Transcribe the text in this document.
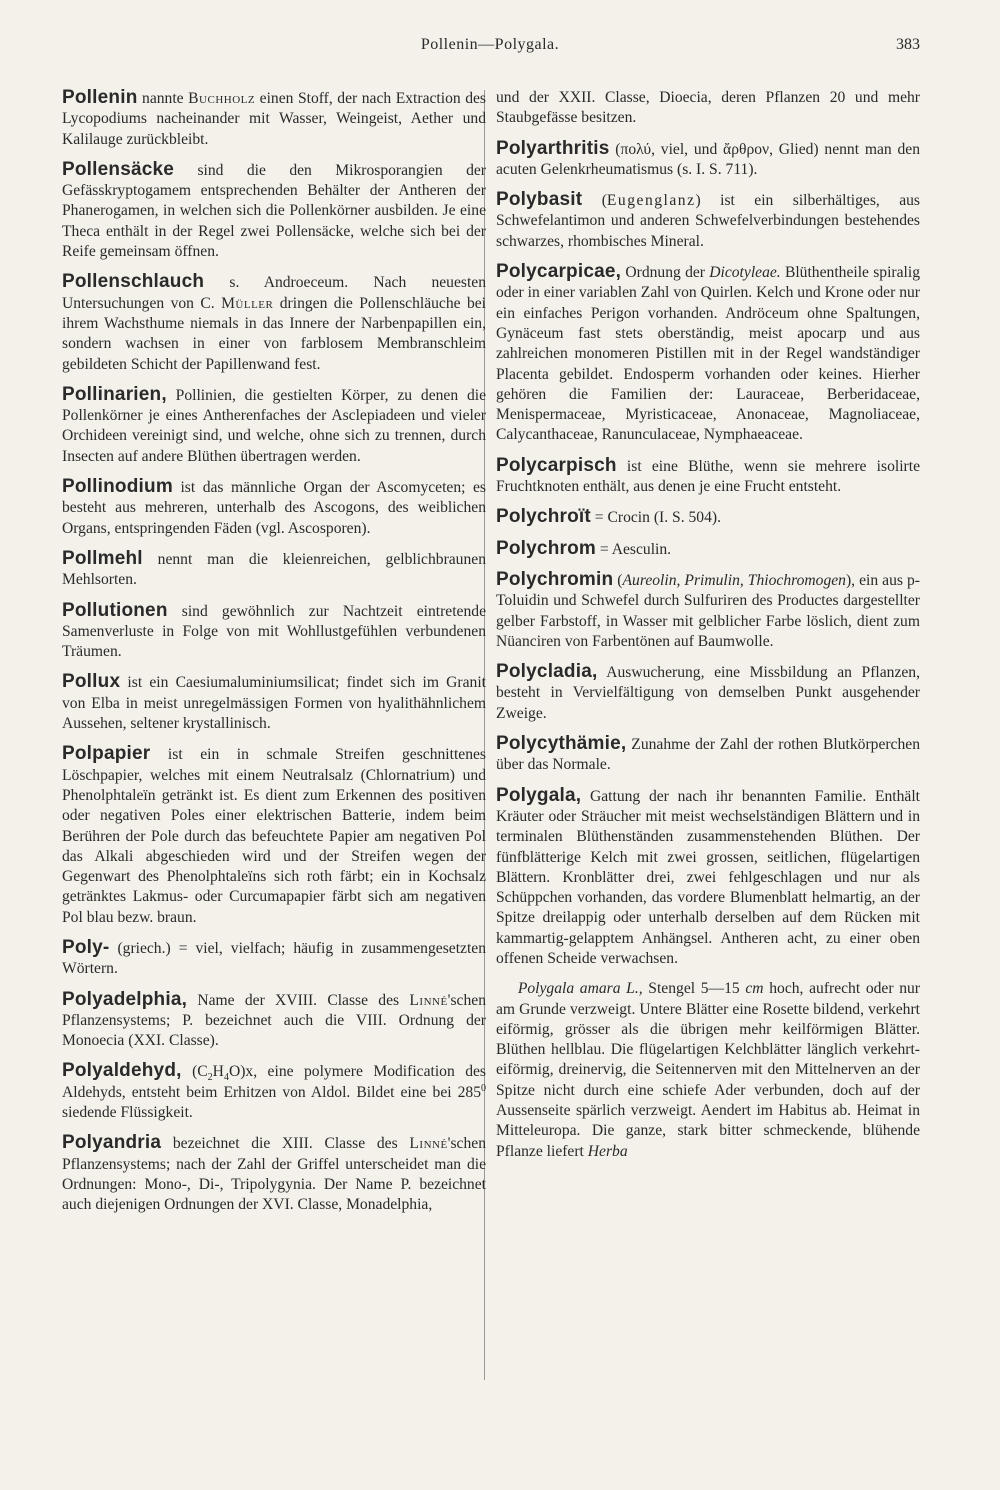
Pollenin—Polygala.	383

Pollenin nannte Buchholz einen Stoff, der nach Extraction des Lycopodiums nacheinander mit Wasser, Weingeist, Aether und Kalilauge zurückbleibt.

Pollensäcke sind die den Mikrosporangien der Gefässkryptogamem entsprechenden Behälter der Antheren der Phanerogamen, in welchen sich die Pollenkörner ausbilden. Je eine Theca enthält in der Regel zwei Pollensäcke, welche sich bei der Reife gemeinsam öffnen.

Pollenschlauch s. Androeceum. Nach neuesten Untersuchungen von C. Müller dringen die Pollenschläuche bei ihrem Wachsthume niemals in das Innere der Narbenpapillen ein, sondern wachsen in einer von farblosem Membranschleim gebildeten Schicht der Papillenwand fest.

Pollinarien, Pollinien, die gestielten Körper, zu denen die Pollenkörner je eines Antherenfaches der Asclepiadeen und vieler Orchideen vereinigt sind, und welche, ohne sich zu trennen, durch Insecten auf andere Blüthen übertragen werden.

Pollinodium ist das männliche Organ der Ascomyceten; es besteht aus mehreren, unterhalb des Ascogons, des weiblichen Organs, entspringenden Fäden (vgl. Ascosporen).

Pollmehl nennt man die kleienreichen, gelblichbraunen Mehlsorten.

Pollutionen sind gewöhnlich zur Nachtzeit eintretende Samenverluste in Folge von mit Wohllustgefühlen verbundenen Träumen.

Pollux ist ein Caesiumaluminiumsilicat; findet sich im Granit von Elba in meist unregelmässigen Formen von hyalithähnlichem Aussehen, seltener krystallinisch.

Polpapier ist ein in schmale Streifen geschnittenes Löschpapier, welches mit einem Neutralsalz (Chlornatrium) und Phenolphtaleïn getränkt ist. Es dient zum Erkennen des positiven oder negativen Poles einer elektrischen Batterie, indem beim Berühren der Pole durch das befeuchtete Papier am negativen Pol das Alkali abgeschieden wird und der Streifen wegen der Gegenwart des Phenolphtaleïns sich roth färbt; ein in Kochsalz getränktes Lakmus- oder Curcumapapier färbt sich am negativen Pol blau bezw. braun.

Poly- (griech.) = viel, vielfach; häufig in zusammengesetzten Wörtern.

Polyadelphia, Name der XVIII. Classe des Linné'schen Pflanzensystems; P. bezeichnet auch die VIII. Ordnung der Monoecia (XXI. Classe).

Polyaldehyd, $(C_2H_4O)x$, eine polymere Modification des Aldehyds, entsteht beim Erhitzen von Aldol. Bildet eine bei $285^0$ siedende Flüssigkeit.

Polyandria bezeichnet die XIII. Classe des Linné'schen Pflanzensystems; nach der Zahl der Griffel unterscheidet man die Ordnungen: Mono-, Di-, Tripolygynia. Der Name P. bezeichnet auch diejenigen Ordnungen der XVI. Classe, Monadelphia,

und der XXII. Classe, Dioecia, deren Pflanzen 20 und mehr Staubgefässe besitzen.

Polyarthritis (πολύ, viel, und ἄρθρον, Glied) nennt man den acuten Gelenkrheumatismus (s. I. S. 711).

Polybasit (Eugenglanz) ist ein silberhältiges, aus Schwefelantimon und anderen Schwefelverbindungen bestehendes schwarzes, rhombisches Mineral.

Polycarpicae, Ordnung der Dicotyleae. Blüthentheile spiralig oder in einer variablen Zahl von Quirlen. Kelch und Krone oder nur ein einfaches Perigon vorhanden. Andröceum ohne Spaltungen, Gynäceum fast stets oberständig, meist apocarp und aus zahlreichen monomeren Pistillen mit in der Regel wandständiger Placenta gebildet. Endosperm vorhanden oder keines. Hierher gehören die Familien der: Lauraceae, Berberidaceae, Menispermaceae, Myristicaceae, Anonaceae, Magnoliaceae, Calycanthaceae, Ranunculaceae, Nymphaeaceae.

Polycarpisch ist eine Blüthe, wenn sie mehrere isolirte Fruchtknoten enthält, aus denen je eine Frucht entsteht.

Polychroït = Crocin (I. S. 504).

Polychrom = Aesculin.

Polychromin (Aureolin, Primulin, Thiochromogen), ein aus p-Toluidin und Schwefel durch Sulfuriren des Productes dargestellter gelber Farbstoff, in Wasser mit gelblicher Farbe löslich, dient zum Nüanciren von Farbentönen auf Baumwolle.

Polycladia, Auswucherung, eine Missbildung an Pflanzen, besteht in Vervielfältigung von demselben Punkt ausgehender Zweige.

Polycythämie, Zunahme der Zahl der rothen Blutkörperchen über das Normale.

Polygala, Gattung der nach ihr benannten Familie. Enthält Kräuter oder Sträucher mit meist wechselständigen Blättern und in terminalen Blüthenständen zusammenstehenden Blüthen. Der fünfblätterige Kelch mit zwei grossen, seitlichen, flügelartigen Blättern. Kronblätter drei, zwei fehlgeschlagen und nur als Schüppchen vorhanden, das vordere Blumenblatt helmartig, an der Spitze dreilappig oder unterhalb derselben auf dem Rücken mit kammartig-gelapptem Anhängsel. Antheren acht, zu einer oben offenen Scheide verwachsen.

Polygala amara L., Stengel 5—15 cm hoch, aufrecht oder nur am Grunde verzweigt. Untere Blätter eine Rosette bildend, verkehrt eiförmig, grösser als die übrigen mehr keilförmigen Blätter. Blüthen hellblau. Die flügelartigen Kelchblätter länglich verkehrt-eiförmig, dreinervig, die Seitennerven mit den Mittelnerven an der Spitze nicht durch eine schiefe Ader verbunden, doch auf der Aussenseite spärlich verzweigt. Aendert im Habitus ab. Heimat in Mitteleuropa. Die ganze, stark bitter schmeckende, blühende Pflanze liefert Herba
